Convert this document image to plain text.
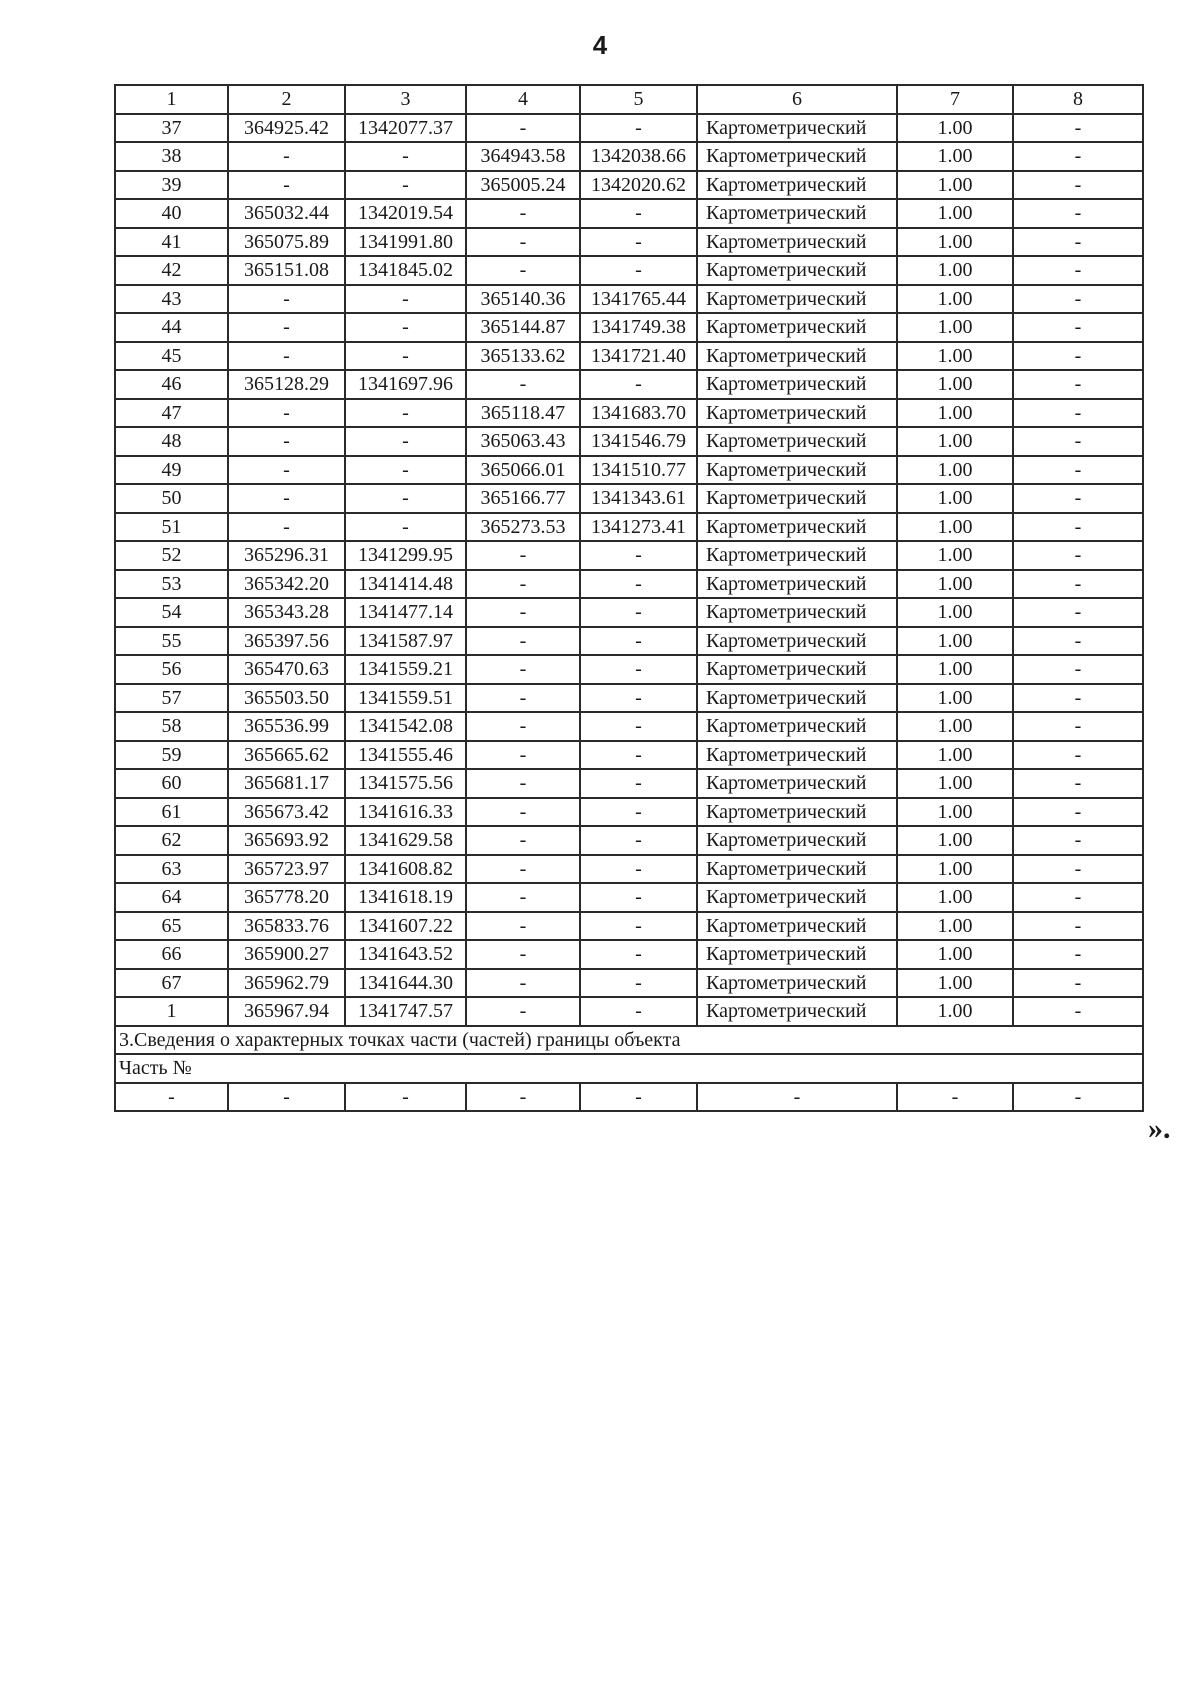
4
1	2	3	4	5	6	7	8
37	364925.42	1342077.37	-	-	Картометрический	1.00	-
38	-	-	364943.58	1342038.66	Картометрический	1.00	-
39	-	-	365005.24	1342020.62	Картометрический	1.00	-
40	365032.44	1342019.54	-	-	Картометрический	1.00	-
41	365075.89	1341991.80	-	-	Картометрический	1.00	-
42	365151.08	1341845.02	-	-	Картометрический	1.00	-
43	-	-	365140.36	1341765.44	Картометрический	1.00	-
44	-	-	365144.87	1341749.38	Картометрический	1.00	-
45	-	-	365133.62	1341721.40	Картометрический	1.00	-
46	365128.29	1341697.96	-	-	Картометрический	1.00	-
47	-	-	365118.47	1341683.70	Картометрический	1.00	-
48	-	-	365063.43	1341546.79	Картометрический	1.00	-
49	-	-	365066.01	1341510.77	Картометрический	1.00	-
50	-	-	365166.77	1341343.61	Картометрический	1.00	-
51	-	-	365273.53	1341273.41	Картометрический	1.00	-
52	365296.31	1341299.95	-	-	Картометрический	1.00	-
53	365342.20	1341414.48	-	-	Картометрический	1.00	-
54	365343.28	1341477.14	-	-	Картометрический	1.00	-
55	365397.56	1341587.97	-	-	Картометрический	1.00	-
56	365470.63	1341559.21	-	-	Картометрический	1.00	-
57	365503.50	1341559.51	-	-	Картометрический	1.00	-
58	365536.99	1341542.08	-	-	Картометрический	1.00	-
59	365665.62	1341555.46	-	-	Картометрический	1.00	-
60	365681.17	1341575.56	-	-	Картометрический	1.00	-
61	365673.42	1341616.33	-	-	Картометрический	1.00	-
62	365693.92	1341629.58	-	-	Картометрический	1.00	-
63	365723.97	1341608.82	-	-	Картометрический	1.00	-
64	365778.20	1341618.19	-	-	Картометрический	1.00	-
65	365833.76	1341607.22	-	-	Картометрический	1.00	-
66	365900.27	1341643.52	-	-	Картометрический	1.00	-
67	365962.79	1341644.30	-	-	Картометрический	1.00	-
1	365967.94	1341747.57	-	-	Картометрический	1.00	-
3.Сведения о характерных точках части (частей) границы объекта							
Часть №							
-	-	-	-	-	-	-	-
».
